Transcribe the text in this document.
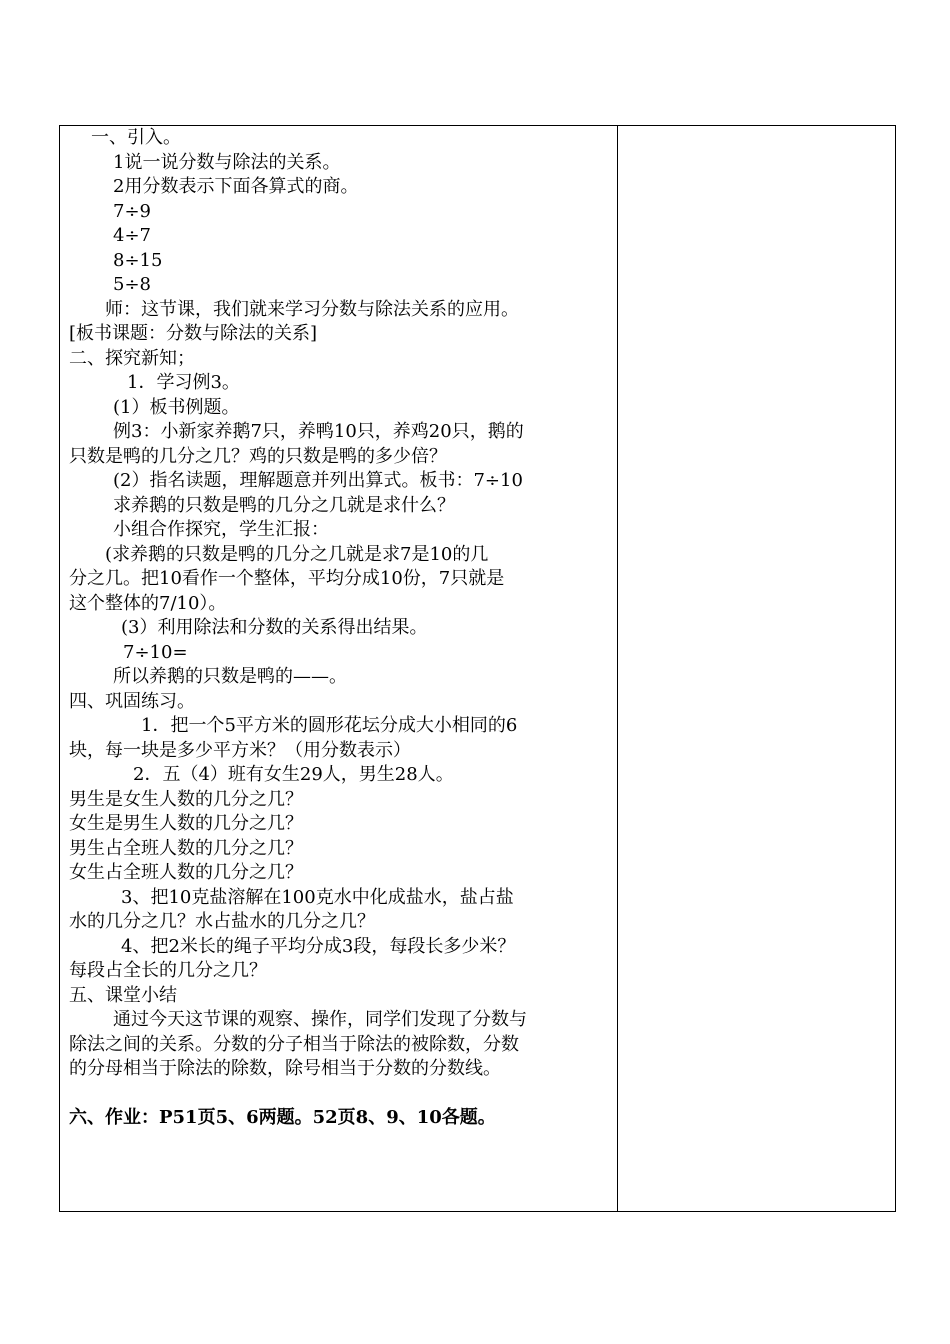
一、引入。
1说一说分数与除法的关系。
2用分数表示下面各算式的商。
7÷9
4÷7
8÷15
5÷8
师：这节课，我们就来学习分数与除法关系的应用。
[板书课题：分数与除法的关系]
二、探究新知；
1．学习例3。
(1）板书例题。
例3：小新家养鹅7只，养鸭10只，养鸡20只，鹅的
只数是鸭的几分之几？鸡的只数是鸭的多少倍？
(2）指名读题，理解题意并列出算式。板书：7÷10
求养鹅的只数是鸭的几分之几就是求什么？
小组合作探究，学生汇报：
(求养鹅的只数是鸭的几分之几就是求7是10的几
分之几。把10看作一个整体，平均分成10份，7只就是
这个整体的7/10）。
(3）利用除法和分数的关系得出结果。
7÷10=
所以养鹅的只数是鸭的——。
四、巩固练习。
1．把一个5平方米的圆形花坛分成大小相同的6
块，每一块是多少平方米？（用分数表示）
2．五（4）班有女生29人，男生28人。
男生是女生人数的几分之几？
女生是男生人数的几分之几？
男生占全班人数的几分之几？
女生占全班人数的几分之几？
3、把10克盐溶解在100克水中化成盐水，盐占盐
水的几分之几？水占盐水的几分之几？
4、把2米长的绳子平均分成3段，每段长多少米？
每段占全长的几分之几？
五、课堂小结
通过今天这节课的观察、操作，同学们发现了分数与
除法之间的关系。分数的分子相当于除法的被除数，分数
的分母相当于除法的除数，除号相当于分数的分数线。
六、作业：P51页5、6两题。52页8、9、10各题。
